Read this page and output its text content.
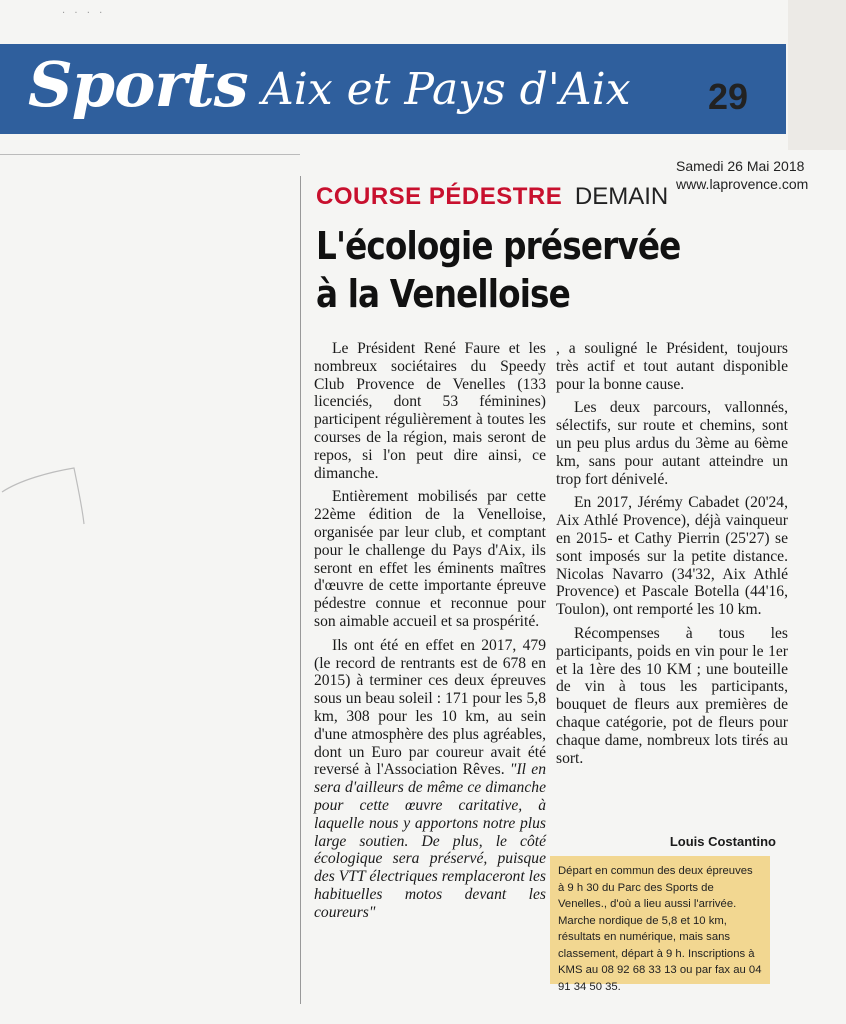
· · · ·
Sports Aix et Pays d'Aix 29
Samedi 26 Mai 2018
www.laprovence.com
COURSE PÉDESTRE DEMAIN
L'écologie préservée
à la Venelloise

Le Président René Faure et les nombreux sociétaires du Speedy Club Provence de Venelles (133 licenciés, dont 53 féminines) participent régulièrement à toutes les courses de la région, mais seront de repos, si l'on peut dire ainsi, ce dimanche.

Entièrement mobilisés par cette 22ème édition de la Venelloise, organisée par leur club, et comptant pour le challenge du Pays d'Aix, ils seront en effet les éminents maîtres d'œuvre de cette importante épreuve pédestre connue et reconnue pour son aimable accueil et sa prospérité.

Ils ont été en effet en 2017, 479 (le record de rentrants est de 678 en 2015) à terminer ces deux épreuves sous un beau soleil : 171 pour les 5,8 km, 308 pour les 10 km, au sein d'une atmosphère des plus agréables, dont un Euro par coureur avait été reversé à l'Association Rêves. "Il en sera d'ailleurs de même ce dimanche pour cette œuvre caritative, à laquelle nous y apportons notre plus large soutien. De plus, le côté écologique sera préservé, puisque des VTT électriques remplaceront les habituelles motos devant les coureurs"

, a souligné le Président, toujours très actif et tout autant disponible pour la bonne cause.

Les deux parcours, vallonnés, sélectifs, sur route et chemins, sont un peu plus ardus du 3ème au 6ème km, sans pour autant atteindre un trop fort dénivelé.

En 2017, Jérémy Cabadet (20'24, Aix Athlé Provence), déjà vainqueur en 2015- et Cathy Pierrin (25'27) se sont imposés sur la petite distance. Nicolas Navarro (34'32, Aix Athlé Provence) et Pascale Botella (44'16, Toulon), ont remporté les 10 km.

Récompenses à tous les participants, poids en vin pour le 1er et la 1ère des 10 KM ; une bouteille de vin à tous les participants, bouquet de fleurs aux premières de chaque catégorie, pot de fleurs pour chaque dame, nombreux lots tirés au sort.

Louis Costantino
Départ en commun des deux épreuves à 9 h 30 du Parc des Sports de Venelles., d'où a lieu aussi l'arrivée. Marche nordique de 5,8 et 10 km, résultats en numérique, mais sans classement, départ à 9 h. Inscriptions à KMS au 08 92 68 33 13 ou par fax au 04 91 34 50 35.
